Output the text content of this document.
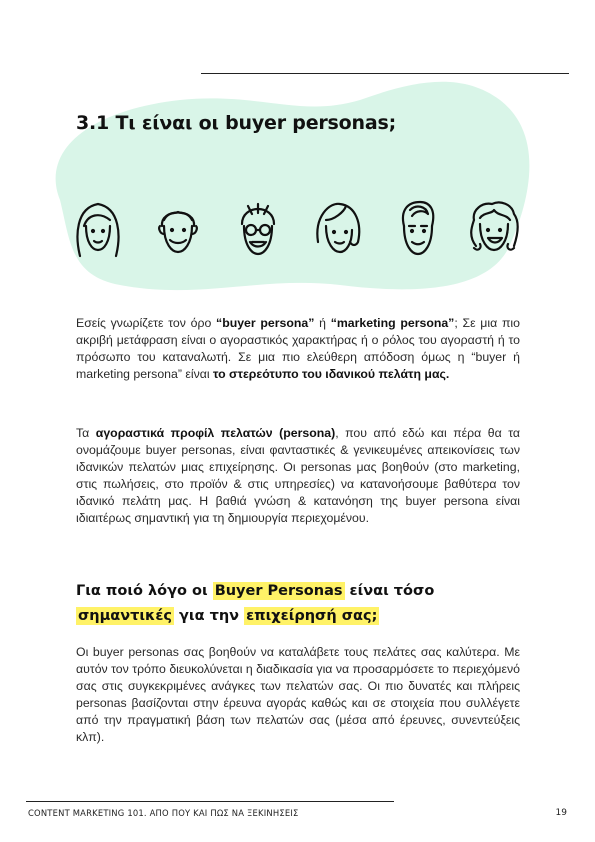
3.1 Τι είναι οι buyer personas;

Εσείς γνωρίζετε τον όρο “buyer persona” ή “marketing persona”; Σε μια πιο ακριβή μετάφραση είναι ο αγοραστικός χαρακτήρας ή ο ρόλος του αγοραστή ή το πρόσωπο του καταναλωτή. Σε μια πιο ελεύθερη απόδοση όμως η “buyer ή marketing persona” είναι το στερεότυπο του ιδανικού πελάτη μας.

Τα αγοραστικά προφίλ πελατών (persona), που από εδώ και πέρα θα τα ονομάζουμε buyer personas, είναι φανταστικές & γενικευμένες απεικονίσεις των ιδανικών πελατών μιας επιχείρησης. Οι personas μας βοηθούν (στο marketing, στις πωλήσεις, στο προϊόν & στις υπηρεσίες) να κατανοήσουμε βαθύτερα τον ιδανικό πελάτη μας. Η βαθιά γνώση & κατανόηση της buyer persona είναι ιδιαιτέρως σημαντική για τη δημιουργία περιεχομένου.

Για ποιό λόγο οι Buyer Personas είναι τόσο σημαντικές για την επιχείρησή σας;

Οι buyer personas σας βοηθούν να καταλάβετε τους πελάτες σας καλύτερα. Με αυτόν τον τρόπο διευκολύνεται η διαδικασία για να προσαρμόσετε το περιεχόμενό σας στις συγκεκριμένες ανάγκες των πελατών σας. Οι πιο δυνατές και πλήρεις personas βασίζονται στην έρευνα αγοράς καθώς και σε στοιχεία που συλλέγετε από την πραγματική βάση των πελατών σας (μέσα από έρευνες, συνεντεύξεις κλπ).

CONTENT MARKETING 101. ΑΠΟ ΠΟΥ ΚΑΙ ΠΩΣ ΝΑ ΞΕΚΙΝΗΣΕΙΣ	19
